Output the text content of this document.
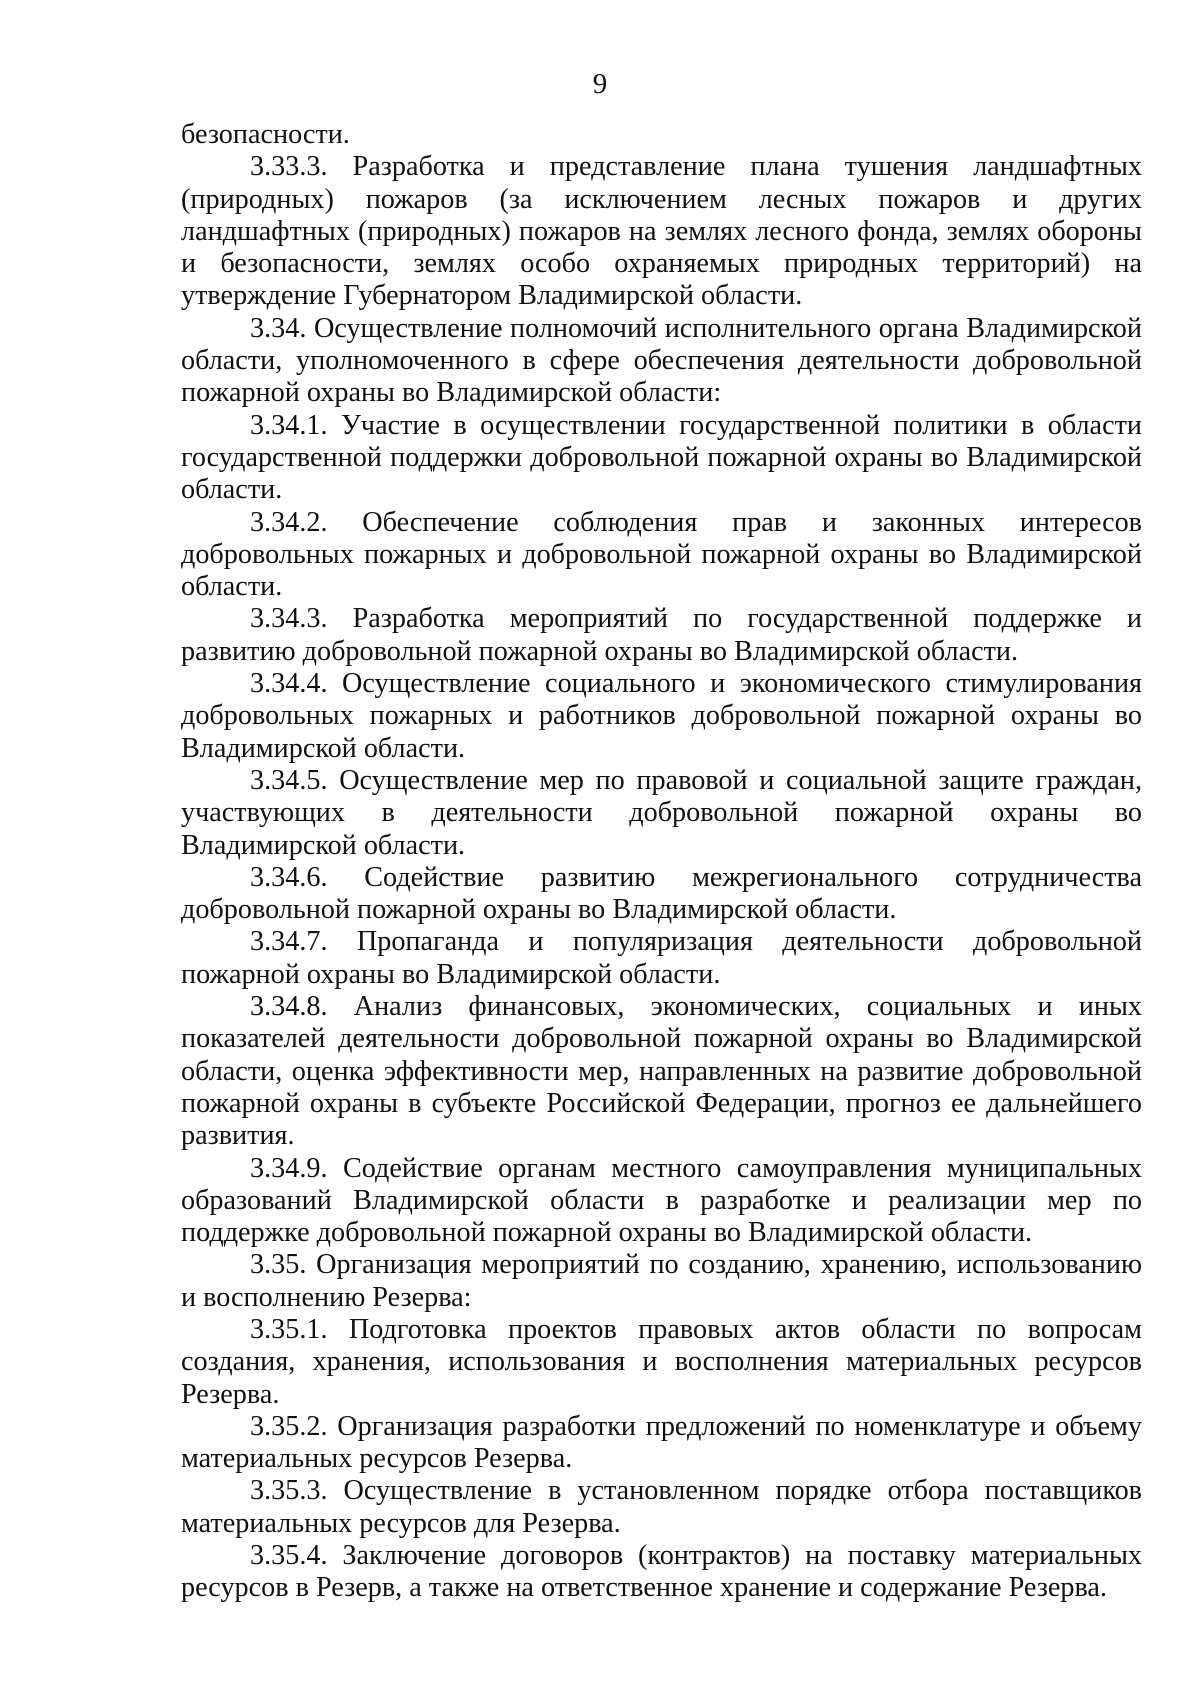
9

безопасности.

3.33.3. Разработка и представление плана тушения ландшафтных (природных) пожаров (за исключением лесных пожаров и других ландшафтных (природных) пожаров на землях лесного фонда, землях обороны и безопасности, землях особо охраняемых природных территорий) на утверждение Губернатором Владимирской области.

3.34. Осуществление полномочий исполнительного органа Владимирской области, уполномоченного в сфере обеспечения деятельности добровольной пожарной охраны во Владимирской области:

3.34.1. Участие в осуществлении государственной политики в области государственной поддержки добровольной пожарной охраны во Владимирской области.

3.34.2. Обеспечение соблюдения прав и законных интересов добровольных пожарных и добровольной пожарной охраны во Владимирской области.

3.34.3. Разработка мероприятий по государственной поддержке и развитию добровольной пожарной охраны во Владимирской области.

3.34.4. Осуществление социального и экономического стимулирования добровольных пожарных и работников добровольной пожарной охраны во Владимирской области.

3.34.5. Осуществление мер по правовой и социальной защите граждан, участвующих в деятельности добровольной пожарной охраны во Владимирской области.

3.34.6. Содействие развитию межрегионального сотрудничества добровольной пожарной охраны во Владимирской области.

3.34.7. Пропаганда и популяризация деятельности добровольной пожарной охраны во Владимирской области.

3.34.8. Анализ финансовых, экономических, социальных и иных показателей деятельности добровольной пожарной охраны во Владимирской области, оценка эффективности мер, направленных на развитие добровольной пожарной охраны в субъекте Российской Федерации, прогноз ее дальнейшего развития.

3.34.9. Содействие органам местного самоуправления муниципальных образований Владимирской области в разработке и реализации мер по поддержке добровольной пожарной охраны во Владимирской области.

3.35. Организация мероприятий по созданию, хранению, использованию и восполнению Резерва:

3.35.1. Подготовка проектов правовых актов области по вопросам создания, хранения, использования и восполнения материальных ресурсов Резерва.

3.35.2. Организация разработки предложений по номенклатуре и объему материальных ресурсов Резерва.

3.35.3. Осуществление в установленном порядке отбора поставщиков материальных ресурсов для Резерва.

3.35.4. Заключение договоров (контрактов) на поставку материальных ресурсов в Резерв, а также на ответственное хранение и содержание Резерва.
